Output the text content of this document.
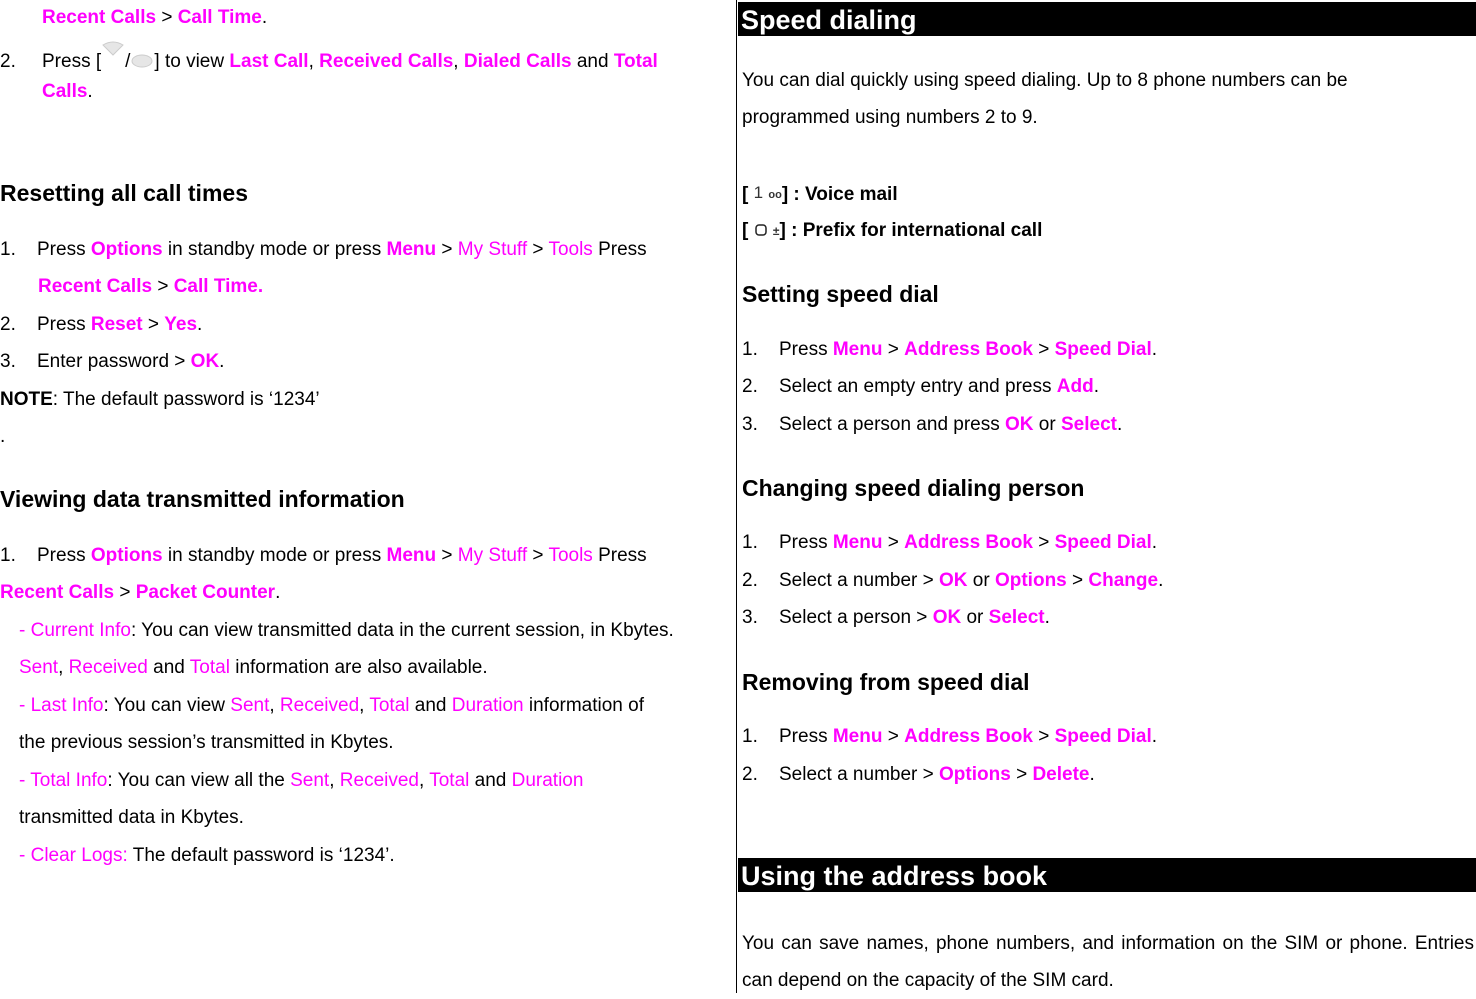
Recent Calls > Call Time.
2. Press [ / ] to view Last Call, Received Calls, Dialed Calls and Total
Calls.
Resetting all call times
1. Press Options in standby mode or press Menu > My Stuff > Tools Press
Recent Calls > Call Time.
2. Press Reset > Yes.
3. Enter password > OK.
NOTE: The default password is ‘1234’
.
Viewing data transmitted information
1. Press Options in standby mode or press Menu > My Stuff > Tools Press
Recent Calls > Packet Counter.
- Current Info: You can view transmitted data in the current session, in Kbytes.
Sent, Received and Total information are also available.
- Last Info: You can view Sent, Received, Total and Duration information of
the previous session’s transmitted in Kbytes.
- Total Info: You can view all the Sent, Received, Total and Duration
transmitted data in Kbytes.
- Clear Logs: The default password is ‘1234’.
Speed dialing
You can dial quickly using speed dialing. Up to 8 phone numbers can be
programmed using numbers 2 to 9.
[ 1 oo] : Voice mail
[ ±] : Prefix for international call
Setting speed dial
1. Press Menu > Address Book > Speed Dial.
2. Select an empty entry and press Add.
3. Select a person and press OK or Select.
Changing speed dialing person
1. Press Menu > Address Book > Speed Dial.
2. Select a number > OK or Options > Change.
3. Select a person > OK or Select.
Removing from speed dial
1. Press Menu > Address Book > Speed Dial.
2. Select a number > Options > Delete.
Using the address book
You can save names, phone numbers, and information on the SIM or phone. Entries can depend on the capacity of the SIM card.
